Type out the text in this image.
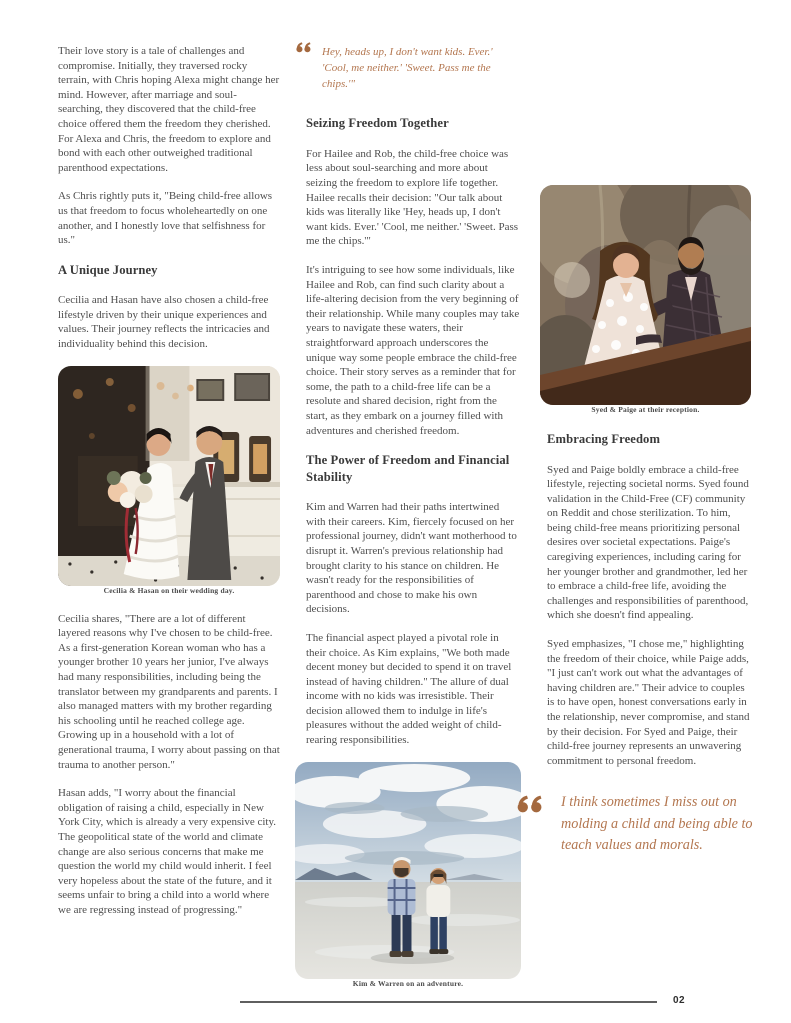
Their love story is a tale of challenges and compromise. Initially, they traversed rocky terrain, with Chris hoping Alexa might change her mind. However, after marriage and soul-searching, they discovered that the child-free choice offered them the freedom they cherished. For Alexa and Chris, the freedom to explore and bond with each other outweighed traditional parenthood expectations.

As Chris rightly puts it, "Being child-free allows us that freedom to focus wholeheartedly on one another, and I honestly love that selfishness for us."

A Unique Journey

Cecilia and Hasan have also chosen a child-free lifestyle driven by their unique experiences and values. Their journey reflects the intricacies and individuality behind this decision.

Cecilia & Hasan on their wedding day.

Cecilia shares, "There are a lot of different layered reasons why I've chosen to be child-free. As a first-generation Korean woman who has a younger brother 10 years her junior, I've always had many responsibilities, including being the translator between my grandparents and parents. I also managed matters with my brother regarding his schooling until he reached college age. Growing up in a household with a lot of generational trauma, I worry about passing on that trauma to another person."

Hasan adds, "I worry about the financial obligation of raising a child, especially in New York City, which is already a very expensive city. The geopolitical state of the world and climate change are also serious concerns that make me question the world my child would inherit. I feel very hopeless about the state of the future, and it seems unfair to bring a child into a world where we are regressing instead of progressing."

Hey, heads up, I don't want kids. Ever.' 'Cool, me neither.' 'Sweet. Pass me the chips.'"
Seizing Freedom Together

For Hailee and Rob, the child-free choice was less about soul-searching and more about seizing the freedom to explore life together. Hailee recalls their decision: "Our talk about kids was literally like 'Hey, heads up, I don't want kids. Ever.' 'Cool, me neither.' 'Sweet. Pass me the chips.'"

It's intriguing to see how some individuals, like Hailee and Rob, can find such clarity about a life-altering decision from the very beginning of their relationship. While many couples may take years to navigate these waters, their straightforward approach underscores the unique way some people embrace the child-free choice. Their story serves as a reminder that for some, the path to a child-free life can be a resolute and shared decision, right from the start, as they embark on a journey filled with adventures and cherished freedom.

The Power of Freedom and Financial Stability

Kim and Warren had their paths intertwined with their careers. Kim, fiercely focused on her professional journey, didn't want motherhood to disrupt it. Warren's previous relationship had brought clarity to his stance on children. He wasn't ready for the responsibilities of parenthood and chose to make his own decisions.

The financial aspect played a pivotal role in their choice. As Kim explains, "We both made decent money but decided to spend it on travel instead of having children." The allure of dual income with no kids was irresistible. Their decision allowed them to indulge in life's pleasures without the added weight of child-rearing responsibilities.

Kim & Warren on an adventure.
Syed & Paige at their reception.
Embracing Freedom

Syed and Paige boldly embrace a child-free lifestyle, rejecting societal norms. Syed found validation in the Child-Free (CF) community on Reddit and chose sterilization. To him, being child-free means prioritizing personal desires over societal expectations. Paige's caregiving experiences, including caring for her younger brother and grandmother, led her to embrace a child-free life, avoiding the challenges and responsibilities of parenthood, which she doesn't find appealing.

Syed emphasizes, "I chose me," highlighting the freedom of their choice, while Paige adds, "I just can't work out what the advantages of having children are." Their advice to couples is to have open, honest conversations early in the relationship, never compromise, and stand by their decision. For Syed and Paige, their child-free journey represents an unwavering commitment to personal freedom.

I think sometimes I miss out on molding a child and being able to teach values and morals.
02
